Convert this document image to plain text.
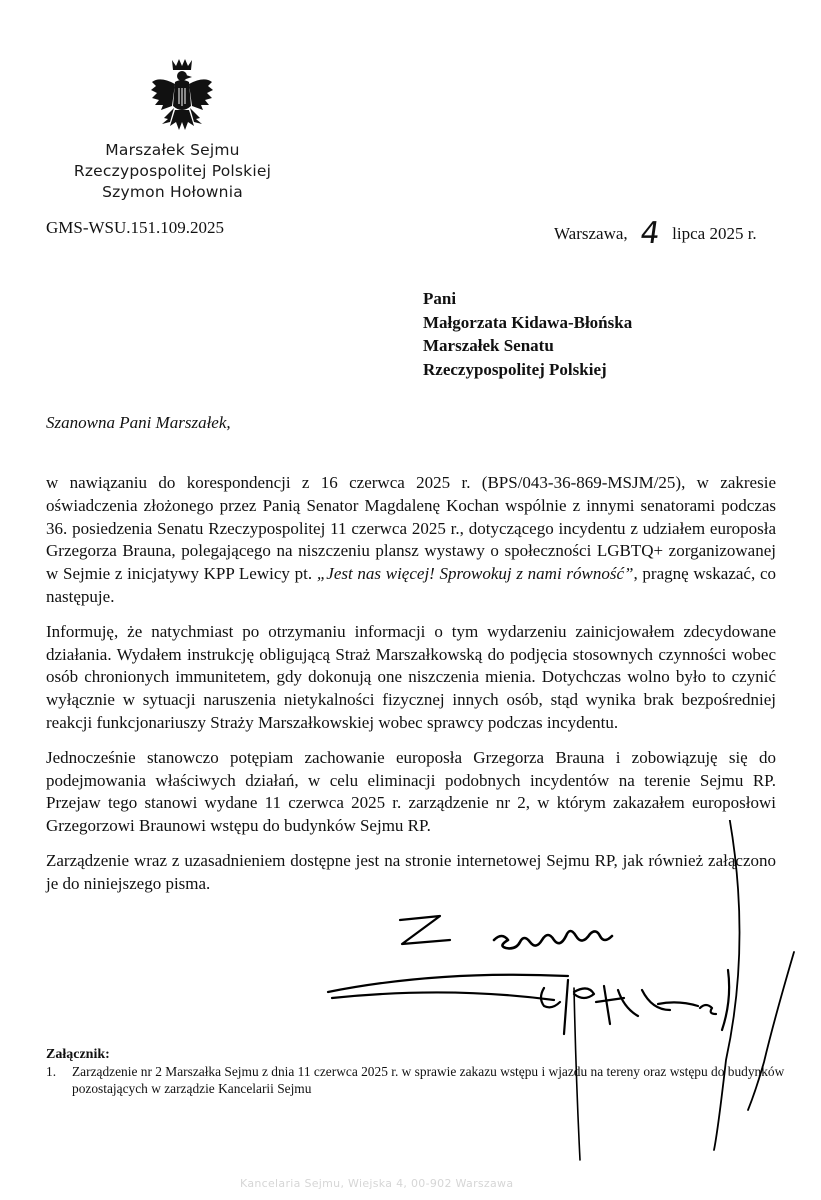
Marszałek Sejmu
Rzeczypospolitej Polskiej
Szymon Hołownia
GMS-WSU.151.109.2025	Warszawa, 4 lipca 2025 r.
Pani
Małgorzata Kidawa-Błońska
Marszałek Senatu
Rzeczypospolitej Polskiej
Szanowna Pani Marszałek,

w nawiązaniu do korespondencji z 16 czerwca 2025 r. (BPS/043-36-869-MSJM/25), w zakresie oświadczenia złożonego przez Panią Senator Magdalenę Kochan wspólnie z innymi senatorami podczas 36. posiedzenia Senatu Rzeczypospolitej 11 czerwca 2025 r., dotyczącego incydentu z udziałem europosła Grzegorza Brauna, polegającego na niszczeniu plansz wystawy o społeczności LGBTQ+ zorganizowanej w Sejmie z inicjatywy KPP Lewicy pt. „Jest nas więcej! Sprowokuj z nami równość”, pragnę wskazać, co następuje.

Informuję, że natychmiast po otrzymaniu informacji o tym wydarzeniu zainicjowałem zdecydowane działania. Wydałem instrukcję obligującą Straż Marszałkowską do podjęcia stosownych czynności wobec osób chronionych immunitetem, gdy dokonują one niszczenia mienia. Dotychczas wolno było to czynić wyłącznie w sytuacji naruszenia nietykalności fizycznej innych osób, stąd wynika brak bezpośredniej reakcji funkcjonariuszy Straży Marszałkowskiej wobec sprawcy podczas incydentu.

Jednocześnie stanowczo potępiam zachowanie europosła Grzegorza Brauna i zobowiązuję się do podejmowania właściwych działań, w celu eliminacji podobnych incydentów na terenie Sejmu RP. Przejaw tego stanowi wydane 11 czerwca 2025 r. zarządzenie nr 2, w którym zakazałem europosłowi Grzegorzowi Braunowi wstępu do budynków Sejmu RP.

Zarządzenie wraz z uzasadnieniem dostępne jest na stronie internetowej Sejmu RP, jak również załączono je do niniejszego pisma.

Załącznik:
1.	Zarządzenie nr 2 Marszałka Sejmu z dnia 11 czerwca 2025 r. w sprawie zakazu wstępu i wjazdu na tereny oraz wstępu do budynków pozostających w zarządzie Kancelarii Sejmu
Kancelaria Sejmu, Wiejska 4, 00-902 Warszawa
